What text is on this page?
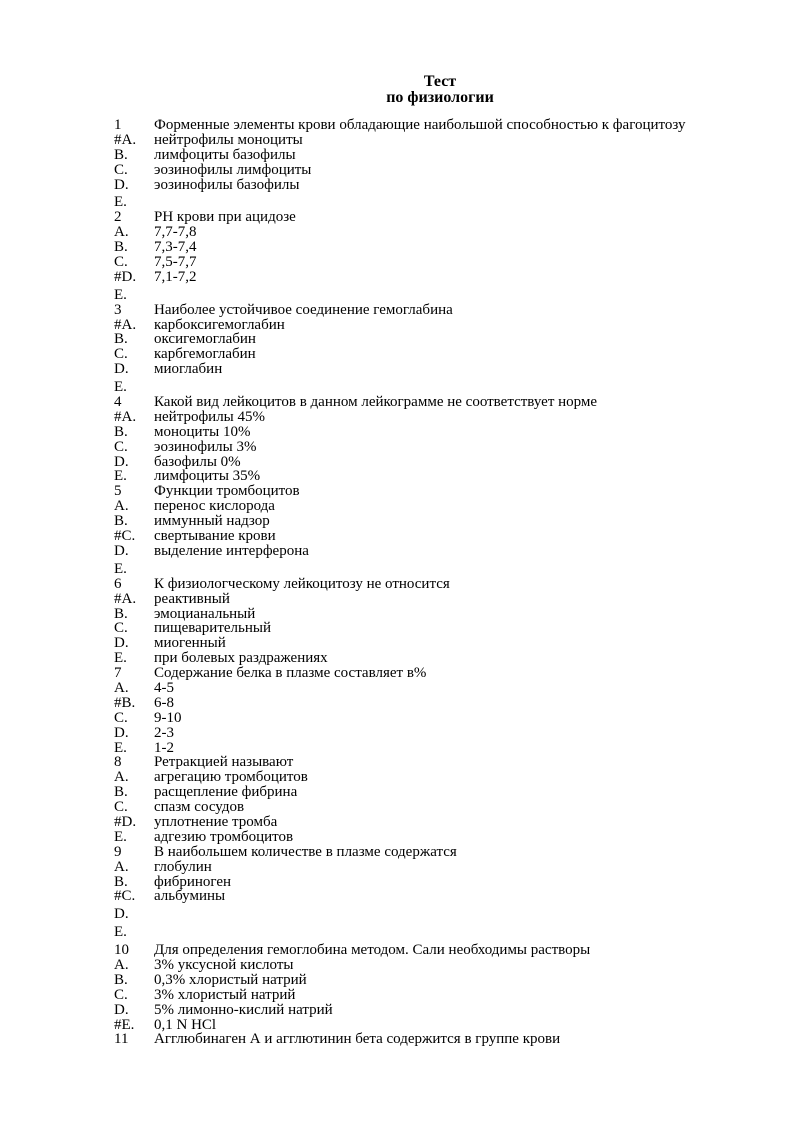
Тест
по физиологии
1 Форменные элементы крови обладающие наибольшой способностью к фагоцитозу
#A. нейтрофилы моноциты
B. лимфоциты базофилы
C. эозинофилы лимфоциты
D. эозинофилы базофилы
E.
2 РН крови при ацидозе
A. 7,7-7,8
B. 7,3-7,4
C. 7,5-7,7
#D. 7,1-7,2
E.
3 Наиболее устойчивое соединение гемоглабина
#A. карбоксигемоглабин
B. оксигемоглабин
C. карбгемоглабин
D. миоглабин
E.
4 Какой вид лейкоцитов в данном лейкограмме не соответствует норме
#A. нейтрофилы 45%
B. моноциты 10%
C. эозинофилы 3%
D. базофилы 0%
E. лимфоциты 35%
5 Функции тромбоцитов
A. перенос кислорода
B. иммунный надзор
#C. свертывание крови
D. выделение интерферона
E.
6 К физиологческому лейкоцитозу не относится
#A. реактивный
B. эмоцианальный
C. пищеварительный
D. миогенный
E. при болевых раздражениях
7 Содержание белка в плазме составляет в%
A. 4-5
#B. 6-8
C. 9-10
D. 2-3
E. 1-2
8 Ретракцией называют
A. агрегацию тромбоцитов
B. расщепление фибрина
C. спазм сосудов
#D. уплотнение тромба
E. адгезию тромбоцитов
9 В наибольшем количестве в плазме содержатся
A. глобулин
B. фибриноген
#C. альбумины
D.
E.
10 Для определения гемоглобина методом. Сали необходимы растворы
A. 3% уксусной кислоты
B. 0,3% хлористый натрий
C. 3% хлористый натрий
D. 5% лимонно-кислий натрий
#E. 0,1 N HCl
11 Агглюбинаген А и агглютинин бета содержится в группе крови
